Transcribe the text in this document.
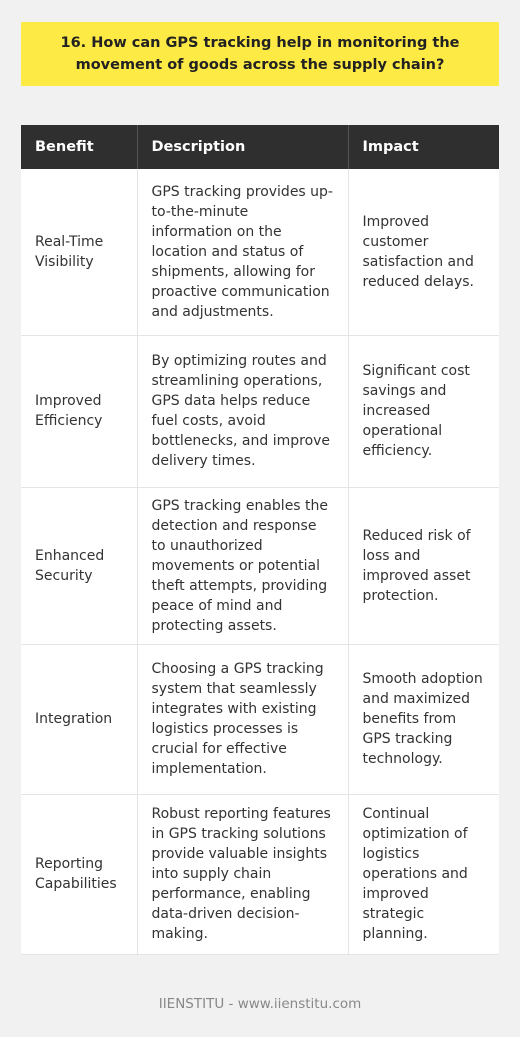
16. How can GPS tracking help in monitoring the movement of goods across the supply chain?
Benefit	Description	Impact
Real-Time Visibility	GPS tracking provides up-to-the-minute information on the location and status of shipments, allowing for proactive communication and adjustments.	Improved customer satisfaction and reduced delays.
Improved Efficiency	By optimizing routes and streamlining operations, GPS data helps reduce fuel costs, avoid bottlenecks, and improve delivery times.	Significant cost savings and increased operational efficiency.
Enhanced Security	GPS tracking enables the detection and response to unauthorized movements or potential theft attempts, providing peace of mind and protecting assets.	Reduced risk of loss and improved asset protection.
Integration	Choosing a GPS tracking system that seamlessly integrates with existing logistics processes is crucial for effective implementation.	Smooth adoption and maximized benefits from GPS tracking technology.
Reporting Capabilities	Robust reporting features in GPS tracking solutions provide valuable insights into supply chain performance, enabling data-driven decision-making.	Continual optimization of logistics operations and improved strategic planning.
IIENSTITU - www.iienstitu.com
